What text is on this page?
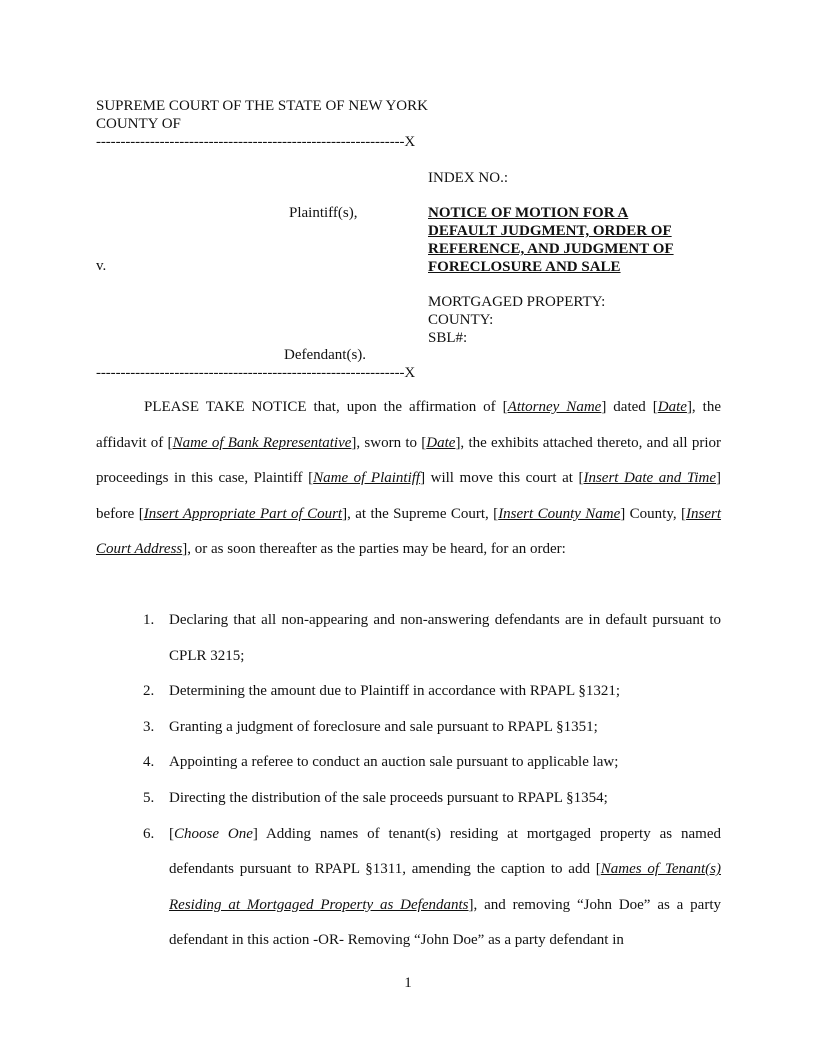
SUPREME COURT OF THE STATE OF NEW YORK
COUNTY OF
---------------------------------------------------------------X
INDEX NO.:
Plaintiff(s),	NOTICE OF MOTION FOR A
DEFAULT JUDGMENT, ORDER OF
REFERENCE, AND JUDGMENT OF
FORECLOSURE AND SALE
v.
MORTGAGED PROPERTY:
COUNTY:
SBL#:
Defendant(s).
---------------------------------------------------------------X
PLEASE TAKE NOTICE that, upon the affirmation of [Attorney Name] dated [Date], the affidavit of [Name of Bank Representative], sworn to [Date], the exhibits attached thereto, and all prior proceedings in this case, Plaintiff [Name of Plaintiff] will move this court at [Insert Date and Time] before [Insert Appropriate Part of Court], at the Supreme Court, [Insert County Name] County, [Insert Court Address], or as soon thereafter as the parties may be heard, for an order:
1. Declaring that all non-appearing and non-answering defendants are in default pursuant to CPLR 3215;
2. Determining the amount due to Plaintiff in accordance with RPAPL §1321;
3. Granting a judgment of foreclosure and sale pursuant to RPAPL §1351;
4. Appointing a referee to conduct an auction sale pursuant to applicable law;
5. Directing the distribution of the sale proceeds pursuant to RPAPL §1354;
6. [Choose One] Adding names of tenant(s) residing at mortgaged property as named defendants pursuant to RPAPL §1311, amending the caption to add [Names of Tenant(s) Residing at Mortgaged Property as Defendants], and removing “John Doe” as a party defendant in this action -OR- Removing “John Doe” as a party defendant in
1
